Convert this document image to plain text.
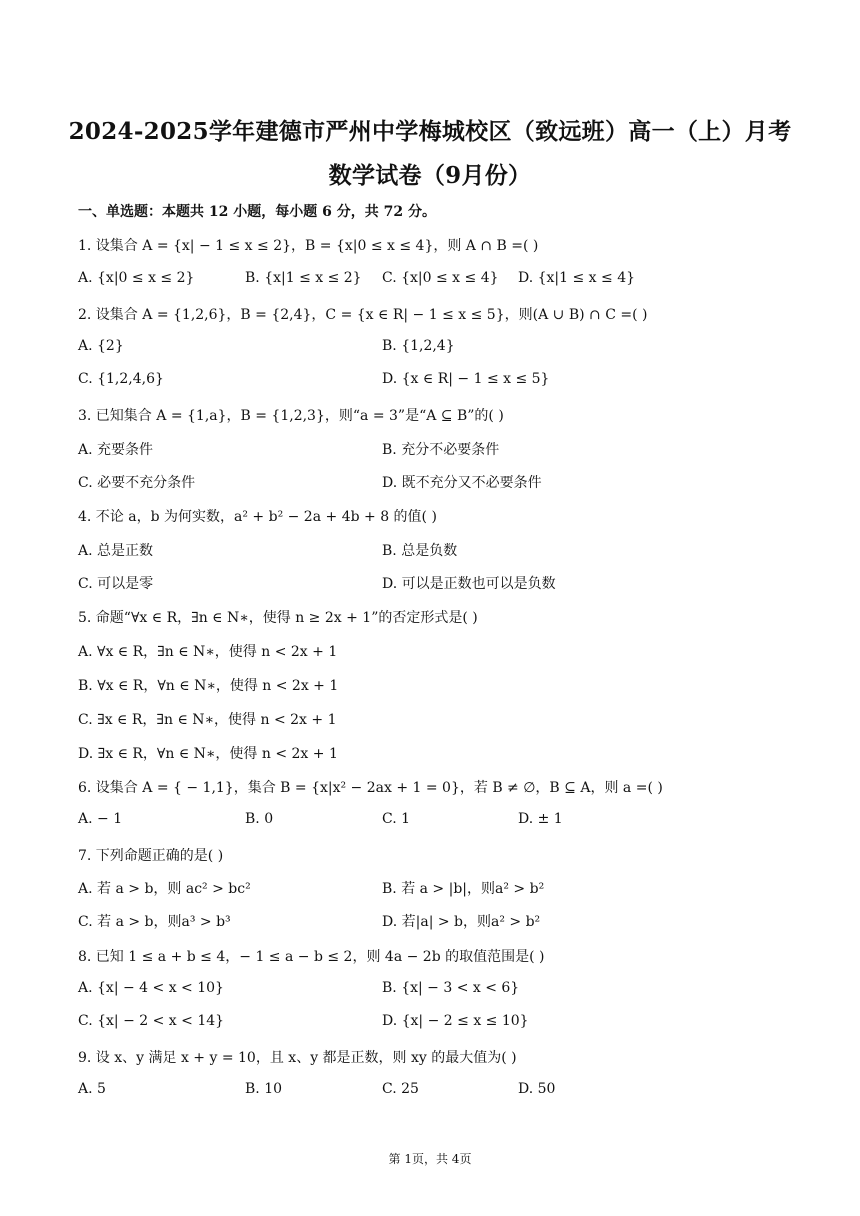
2024-2025学年建德市严州中学梅城校区（致远班）高一（上）月考
数学试卷（9月份）
一、单选题：本题共 12 小题，每小题 6 分，共 72 分。
1. 设集合 A = {x| − 1 ≤ x ≤ 2}，B = {x|0 ≤ x ≤ 4}，则 A ∩ B =( )
A. {x|0 ≤ x ≤ 2}	B. {x|1 ≤ x ≤ 2} C. {x|0 ≤ x ≤ 4} D. {x|1 ≤ x ≤ 4}
2. 设集合 A = {1,2,6}，B = {2,4}，C = {x ∈ R| − 1 ≤ x ≤ 5}，则(A ∪ B) ∩ C =( )
A. {2}	B. {1,2,4}
C. {1,2,4,6}	D. {x ∈ R| − 1 ≤ x ≤ 5}
3. 已知集合 A = {1,a}，B = {1,2,3}，则“a = 3”是“A ⊆ B”的( )
A. 充要条件	B. 充分不必要条件
C. 必要不充分条件	D. 既不充分又不必要条件
4. 不论 a，b 为何实数，a² + b² − 2a + 4b + 8 的值( )
A. 总是正数	B. 总是负数
C. 可以是零	D. 可以是正数也可以是负数
5. 命题“∀x ∈ R，∃n ∈ N∗，使得 n ≥ 2x + 1”的否定形式是( )
A. ∀x ∈ R，∃n ∈ N∗，使得 n < 2x + 1
B. ∀x ∈ R，∀n ∈ N∗，使得 n < 2x + 1
C. ∃x ∈ R，∃n ∈ N∗，使得 n < 2x + 1
D. ∃x ∈ R，∀n ∈ N∗，使得 n < 2x + 1
6. 设集合 A = { − 1,1}，集合 B = {x|x² − 2ax + 1 = 0}，若 B ≠ ∅，B ⊆ A，则 a =( )
A. − 1	B. 0	C. 1	D. ± 1
7. 下列命题正确的是( )
A. 若 a > b，则 ac² > bc²	B. 若 a > |b|，则a² > b²
C. 若 a > b，则a³ > b³	D. 若|a| > b，则a² > b²
8. 已知 1 ≤ a + b ≤ 4，− 1 ≤ a − b ≤ 2，则 4a − 2b 的取值范围是( )
A. {x| − 4 < x < 10}	B. {x| − 3 < x < 6}
C. {x| − 2 < x < 14}	D. {x| − 2 ≤ x ≤ 10}
9. 设 x、y 满足 x + y = 10，且 x、y 都是正数，则 xy 的最大值为( )
A. 5	B. 10	C. 25	D. 50
第 1页，共 4页
